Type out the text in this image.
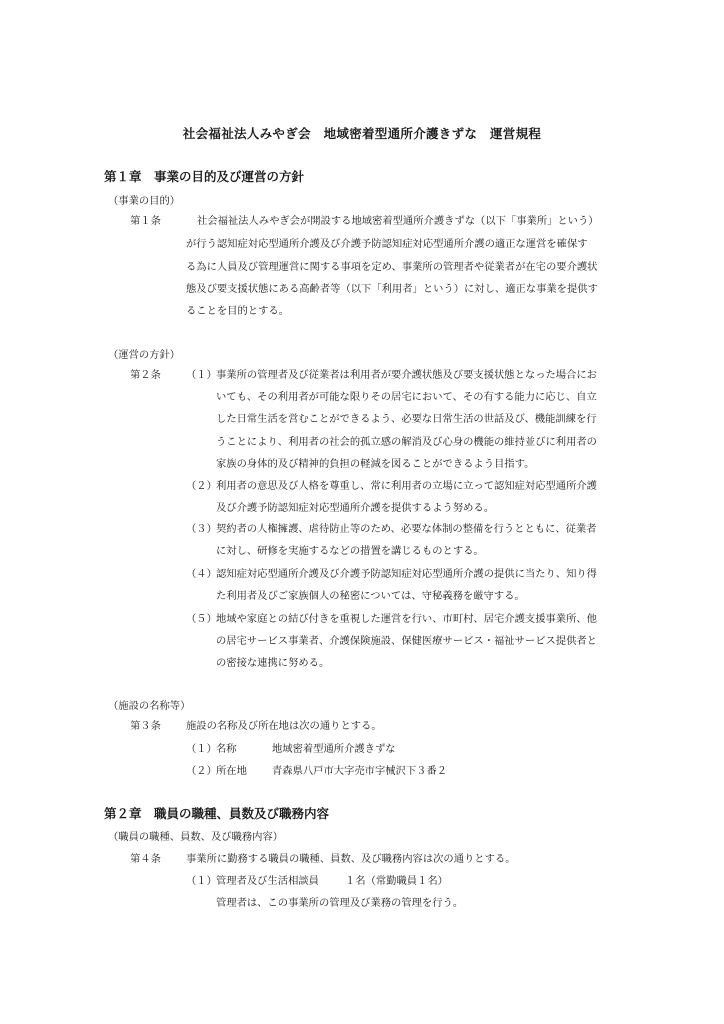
社会福祉法人みやぎ会　地域密着型通所介護きずな　運営規程
第１章　事業の目的及び運営の方針
（事業の目的）
第１条	社会福祉法人みやぎ会が開設する地域密着型通所介護きずな（以下「事業所」という）
が行う認知症対応型通所介護及び介護予防認知症対応型通所介護の適正な運営を確保す
る為に人員及び管理運営に関する事項を定め、事業所の管理者や従業者が在宅の要介護状
態及び要支援状態にある高齢者等（以下「利用者」という）に対し、適正な事業を提供す
ることを目的とする。
（運営の方針）
第２条 （１） 事業所の管理者及び従業者は利用者が要介護状態及び要支援状態となった場合にお
いても、その利用者が可能な限りその居宅において、その有する能力に応じ、自立
した日常生活を営むことができるよう、必要な日常生活の世話及び、機能訓練を行
うことにより、利用者の社会的孤立感の解消及び心身の機能の維持並びに利用者の
家族の身体的及び精神的負担の軽減を図ることができるよう目指す。
（２） 利用者の意思及び人格を尊重し、常に利用者の立場に立って認知症対応型通所介護
及び介護予防認知症対応型通所介護を提供するよう努める。
（３） 契約者の人権擁護、虐待防止等のため、必要な体制の整備を行うとともに、従業者
に対し、研修を実施するなどの措置を講じるものとする。
（４） 認知症対応型通所介護及び介護予防認知症対応型通所介護の提供に当たり、知り得
た利用者及びご家族個人の秘密については、守秘義務を厳守する。
（５） 地域や家庭との結び付きを重視した運営を行い、市町村、居宅介護支援事業所、他
の居宅サービス事業者、介護保険施設、保健医療サービス・福祉サービス提供者と
の密接な連携に努める。
（施設の名称等）
第３条 施設の名称及び所在地は次の通りとする。
（１） 名称	地域密着型通所介護きずな
（２） 所在地 青森県八戸市大字売市字械沢下３番２
第２章　職員の職種、員数及び職務内容
（職員の職種、員数、及び職務内容）
第４条 事業所に勤務する職員の職種、員数、及び職務内容は次の通りとする。
（１） 管理者及び生活相談員	１名（常勤職員１名）
管理者は、この事業所の管理及び業務の管理を行う。
